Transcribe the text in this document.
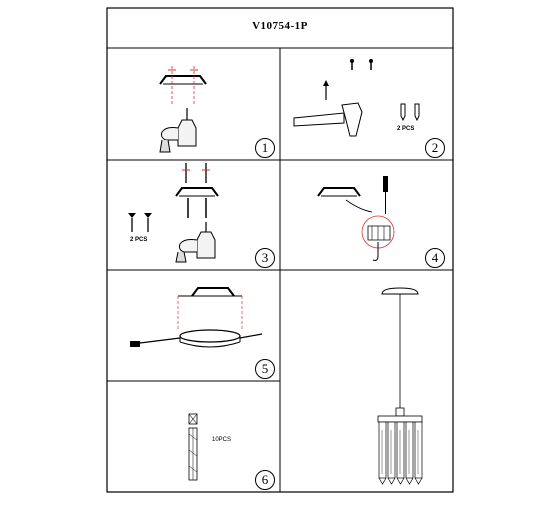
V10754-1P
1	2
3	4
5
6
2 PCS
2 PCS
10PCS
